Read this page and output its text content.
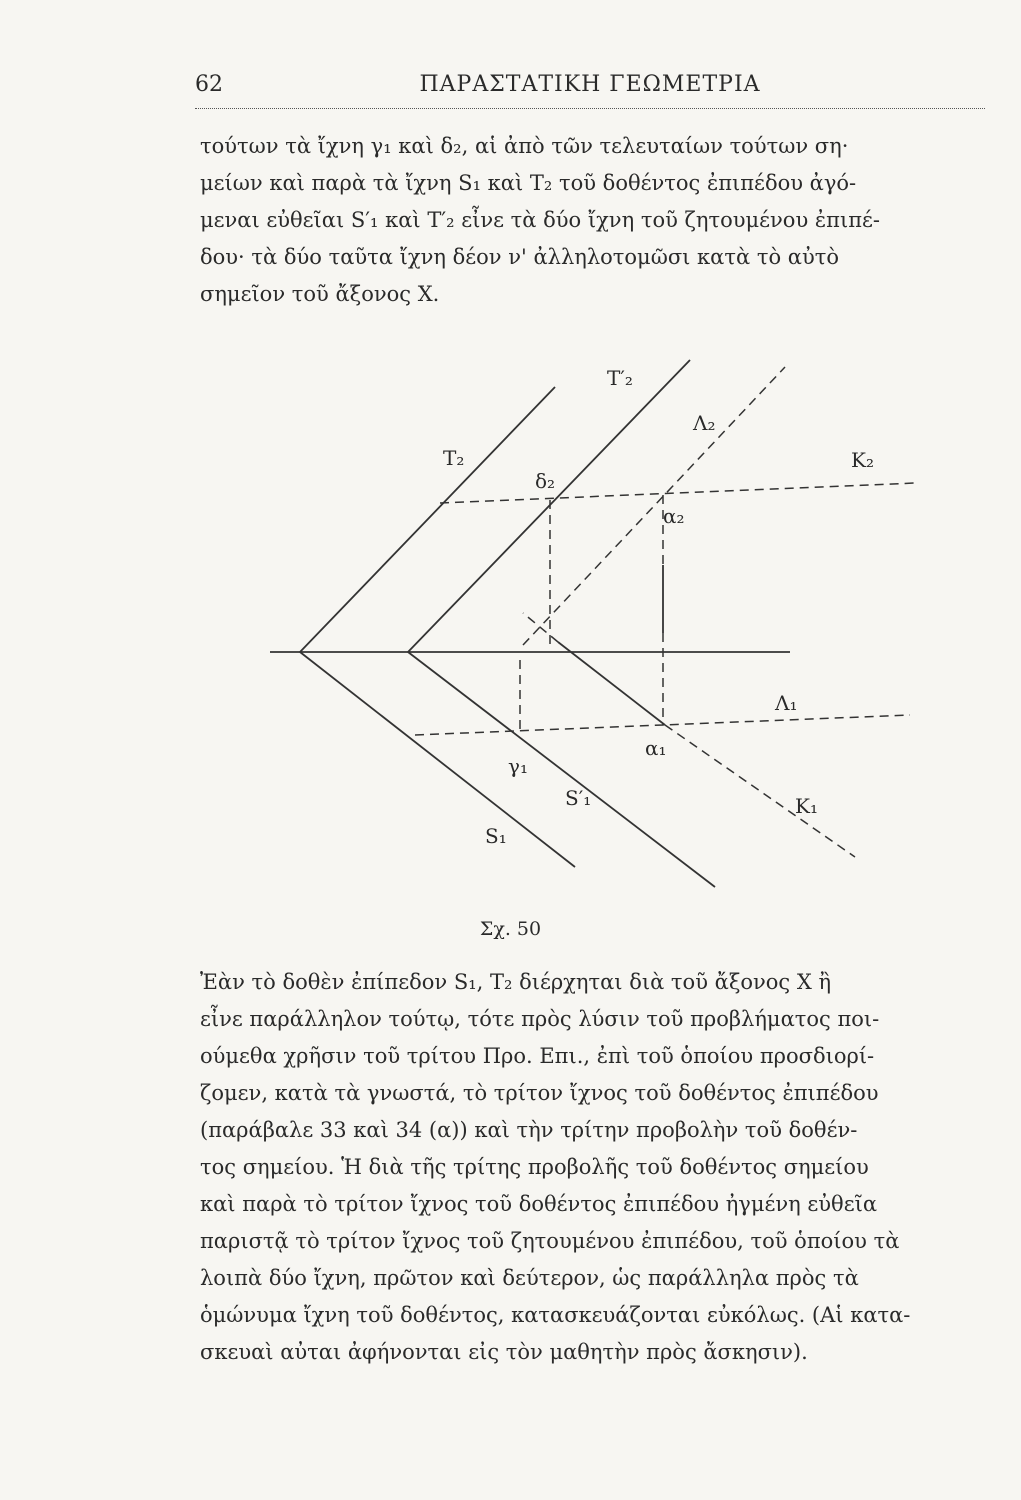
62	ΠΑΡΑΣΤΑΤΙΚΗ ΓΕΩΜΕΤΡΙΑ

τούτων τὰ ἴχνη γ₁ καὶ δ₂, αἱ ἀπὸ τῶν τελευταίων τούτων ση·
μείων καὶ παρὰ τὰ ἴχνη S₁ καὶ T₂ τοῦ δοθέντος ἐπιπέδου ἀγό-
μεναι εὐθεῖαι S′₁ καὶ T′₂ εἶνε τὰ δύο ἴχνη τοῦ ζητουμένου ἐπιπέ-
δου· τὰ δύο ταῦτα ἴχνη δέον ν' ἀλληλοτομῶσι κατὰ τὸ αὐτὸ
σημεῖον τοῦ ἄξονος X.

T₂
T′₂
Λ₂
K₂
δ₂
α₂
Λ₁
γ₁
α₁
S′₁	K₁
S₁
Σχ. 50

Ἐὰν τὸ δοθὲν ἐπίπεδον S₁, T₂ διέρχηται διὰ τοῦ ἄξονος X ἢ
εἶνε παράλληλον τούτῳ, τότε πρὸς λύσιν τοῦ προβλήματος ποι-
ούμεθα χρῆσιν τοῦ τρίτου Προ. Επι., ἐπὶ τοῦ ὁποίου προσδιορί-
ζομεν, κατὰ τὰ γνωστά, τὸ τρίτον ἴχνος τοῦ δοθέντος ἐπιπέδου
(παράβαλε 33 καὶ 34 (α)) καὶ τὴν τρίτην προβολὴν τοῦ δοθέν-
τος σημείου. Ἡ διὰ τῆς τρίτης προβολῆς τοῦ δοθέντος σημείου
καὶ παρὰ τὸ τρίτον ἴχνος τοῦ δοθέντος ἐπιπέδου ἠγμένη εὐθεῖα
παριστᾷ τὸ τρίτον ἴχνος τοῦ ζητουμένου ἐπιπέδου, τοῦ ὁποίου τὰ
λοιπὰ δύο ἴχνη, πρῶτον καὶ δεύτερον, ὡς παράλληλα πρὸς τὰ
ὁμώνυμα ἴχνη τοῦ δοθέντος, κατασκευάζονται εὐκόλως. (Αἱ κατα-
σκευαὶ αὐται ἀφήνονται εἰς τὸν μαθητὴν πρὸς ἄσκησιν).
